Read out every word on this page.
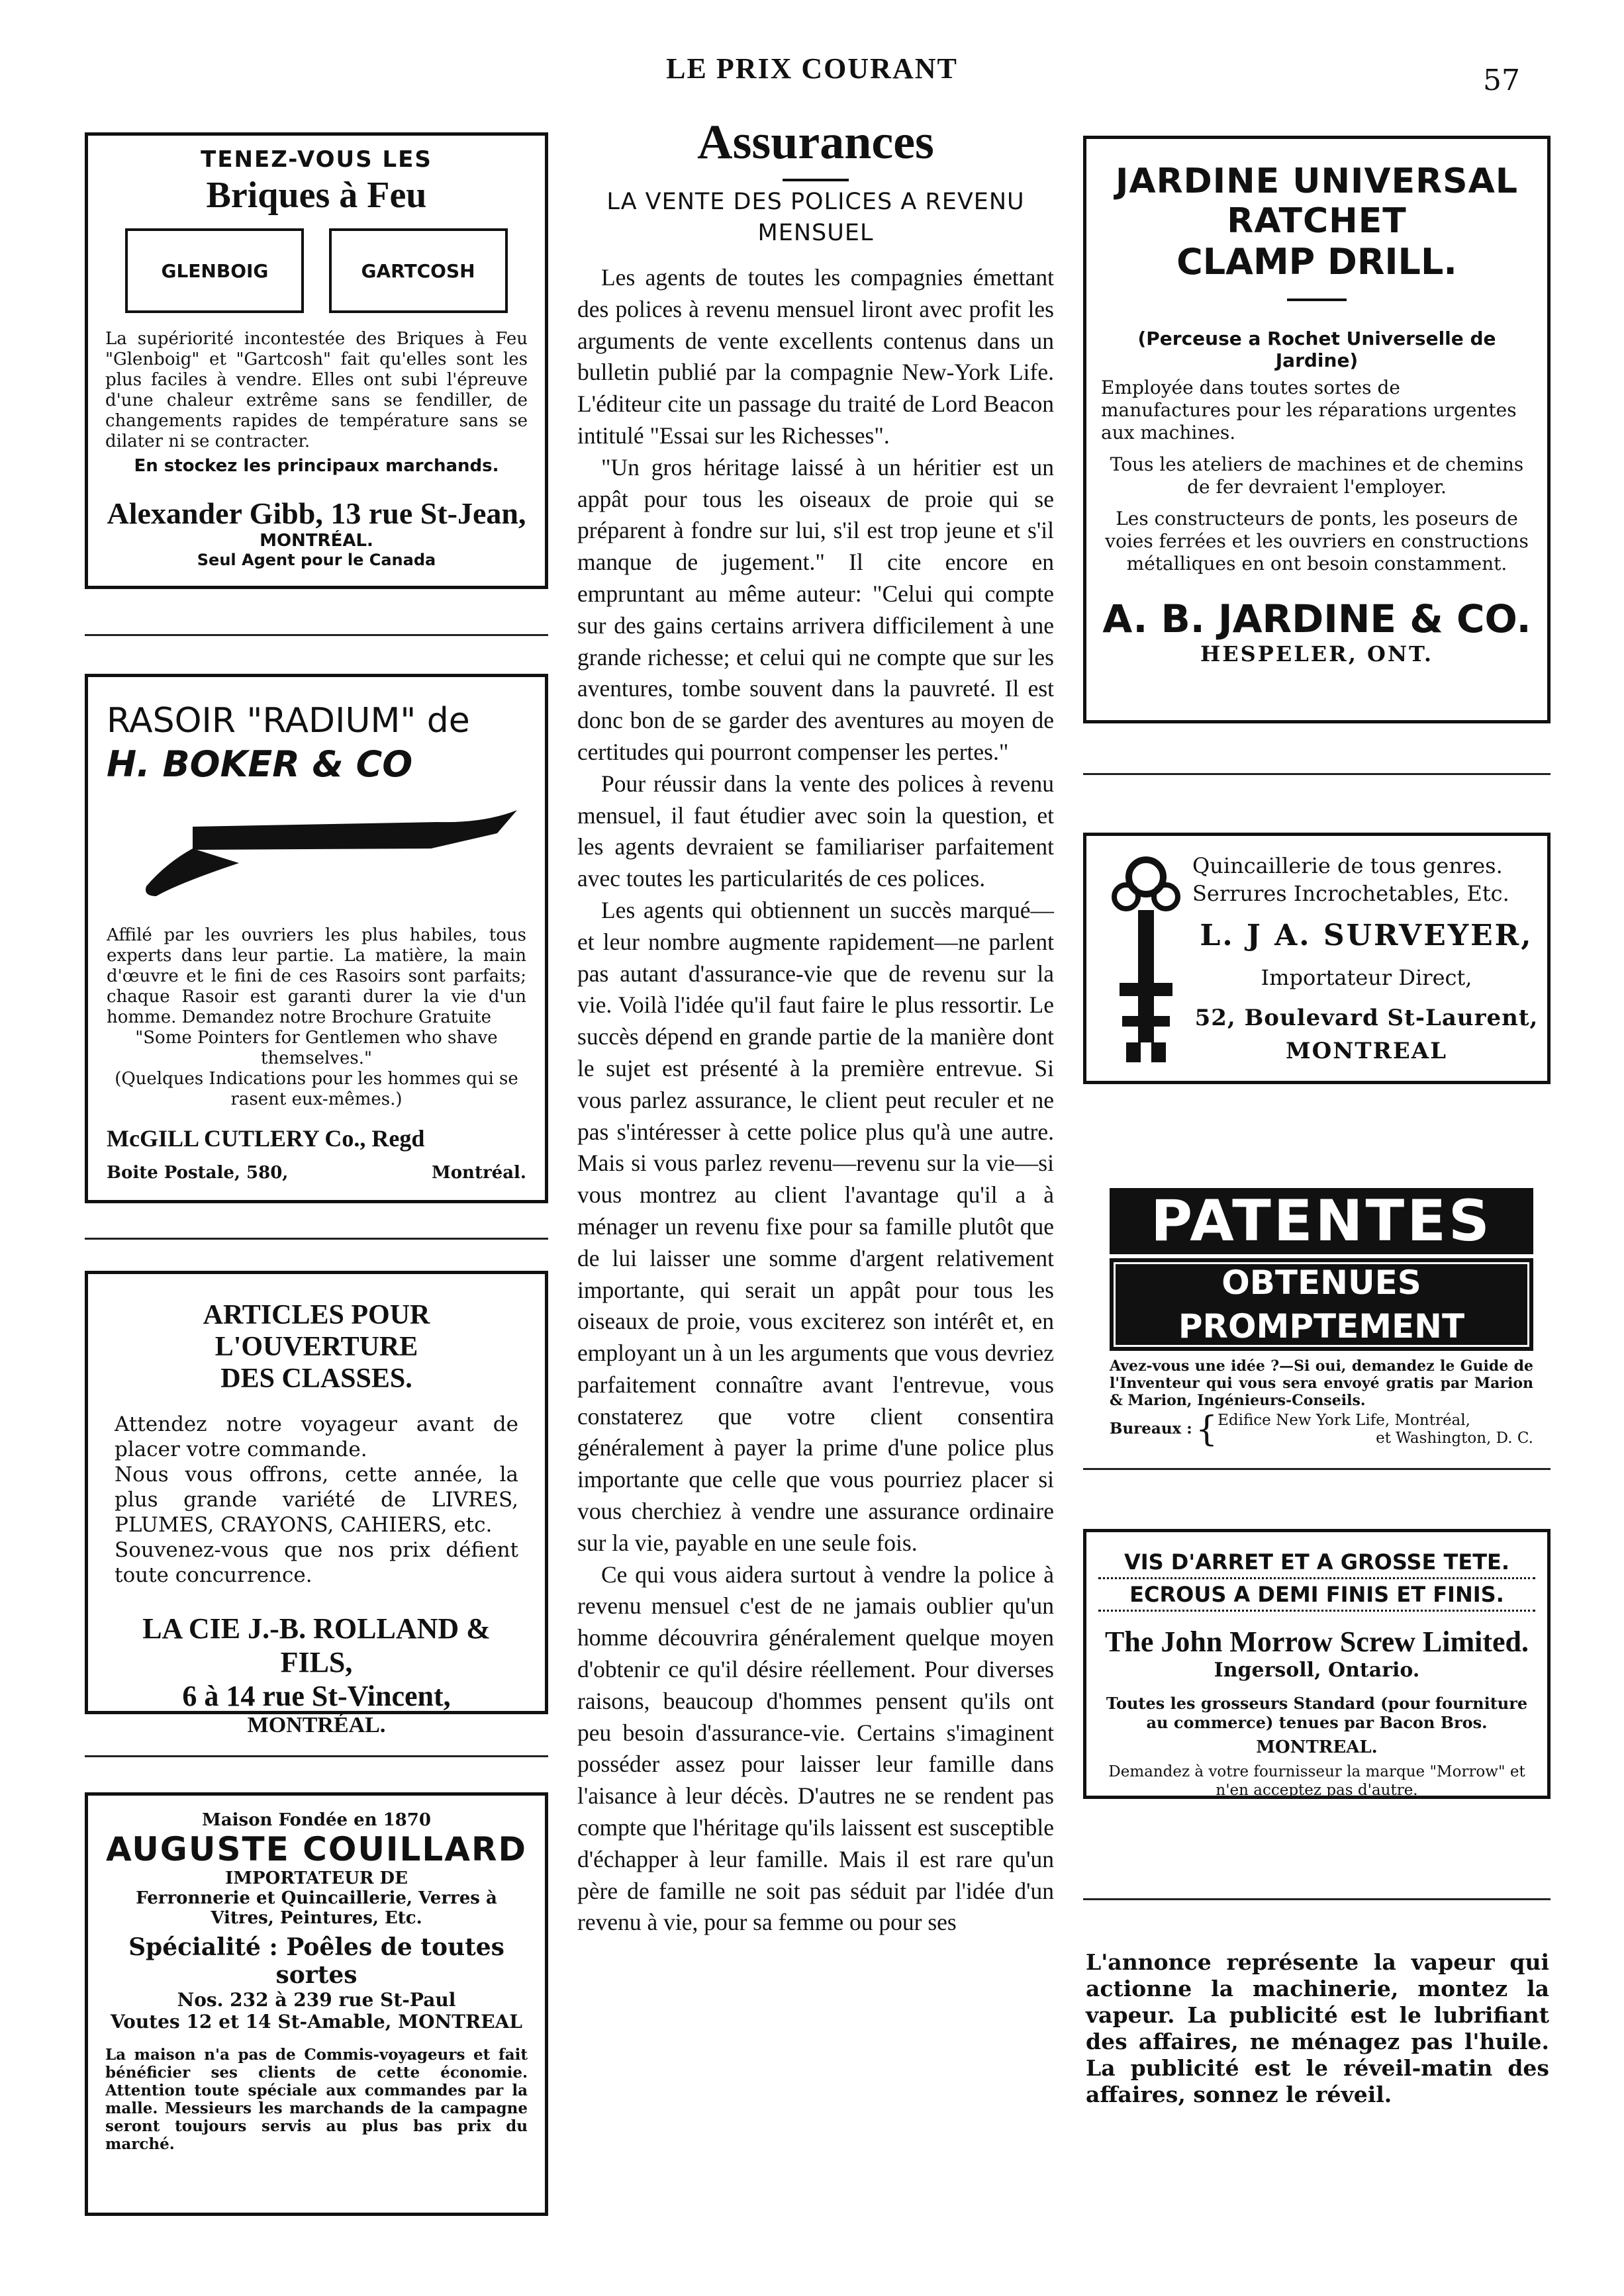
LE PRIX COURANT	57
TENEZ-VOUS LES
Briques à Feu
GLENBOIG
	GARTCOSH
La supériorité incontestée des Briques à Feu "Glenboig" et "Gartcosh" fait qu'elles sont les plus faciles à vendre. Elles ont subi l'épreuve d'une chaleur extrême sans se fendiller, de changements rapides de température sans se dilater ni se contracter.
En stockez les principaux marchands.
Alexander Gibb, 13 rue St-Jean,
MONTRÉAL.
Seul Agent pour le Canada
RASOIR "RADIUM" de
H. BOKER & CO
Affilé par les ouvriers les plus habiles, tous experts dans leur partie. La matière, la main d'œuvre et le fini de ces Rasoirs sont parfaits; chaque Rasoir est garanti durer la vie d'un homme. Demandez notre Brochure Gratuite
"Some Pointers for Gentlemen who shave themselves."
(Quelques Indications pour les hommes qui se rasent eux-mêmes.)
McGILL CUTLERY Co., Regd
Boite Postale, 580,	Montréal.
ARTICLES POUR L'OUVERTURE
DES CLASSES.
Attendez notre voyageur avant de placer votre commande.
Nous vous offrons, cette année, la plus grande variété de LIVRES, PLUMES, CRAYONS, CAHIERS, etc.
Souvenez-vous que nos prix défient toute concurrence.
LA CIE J.-B. ROLLAND & FILS,
6 à 14 rue St-Vincent,
MONTRÉAL.
Maison Fondée en 1870
AUGUSTE COUILLARD
IMPORTATEUR DE
Ferronnerie et Quincaillerie, Verres à Vitres, Peintures, Etc.
Spécialité : Poêles de toutes sortes
Nos. 232 à 239 rue St-Paul
Voutes 12 et 14 St-Amable, MONTREAL
La maison n'a pas de Commis-voyageurs et fait bénéficier ses clients de cette économie. Attention toute spéciale aux commandes par la malle. Messieurs les marchands de la campagne seront toujours servis au plus bas prix du marché.
Assurances
LA VENTE DES POLICES A REVENU MENSUEL

Les agents de toutes les compagnies émettant des polices à revenu mensuel liront avec profit les arguments de vente excellents contenus dans un bulletin publié par la compagnie New-York Life. L'éditeur cite un passage du traité de Lord Beacon intitulé "Essai sur les Richesses".

"Un gros héritage laissé à un héritier est un appât pour tous les oiseaux de proie qui se préparent à fondre sur lui, s'il est trop jeune et s'il manque de jugement." Il cite encore en empruntant au même auteur: "Celui qui compte sur des gains certains arrivera difficilement à une grande richesse; et celui qui ne compte que sur les aventures, tombe souvent dans la pauvreté. Il est donc bon de se garder des aventures au moyen de certitudes qui pourront compenser les pertes."

Pour réussir dans la vente des polices à revenu mensuel, il faut étudier avec soin la question, et les agents devraient se familiariser parfaitement avec toutes les particularités de ces polices.

Les agents qui obtiennent un succès marqué—et leur nombre augmente rapidement—ne parlent pas autant d'assurance-vie que de revenu sur la vie. Voilà l'idée qu'il faut faire le plus ressortir. Le succès dépend en grande partie de la manière dont le sujet est présenté à la première entrevue. Si vous parlez assurance, le client peut reculer et ne pas s'intéresser à cette police plus qu'à une autre. Mais si vous parlez revenu—revenu sur la vie—si vous montrez au client l'avantage qu'il a à ménager un revenu fixe pour sa famille plutôt que de lui laisser une somme d'argent relativement importante, qui serait un appât pour tous les oiseaux de proie, vous exciterez son intérêt et, en employant un à un les arguments que vous devriez parfaitement connaître avant l'entrevue, vous constaterez que votre client consentira généralement à payer la prime d'une police plus importante que celle que vous pourriez placer si vous cherchiez à vendre une assurance ordinaire sur la vie, payable en une seule fois.

Ce qui vous aidera surtout à vendre la police à revenu mensuel c'est de ne jamais oublier qu'un homme découvrira généralement quelque moyen d'obtenir ce qu'il désire réellement. Pour diverses raisons, beaucoup d'hommes pensent qu'ils ont peu besoin d'assurance-vie. Certains s'imaginent posséder assez pour laisser leur famille dans l'aisance à leur décès. D'autres ne se rendent pas compte que l'héritage qu'ils laissent est susceptible d'échapper à leur famille. Mais il est rare qu'un père de famille ne soit pas séduit par l'idée d'un revenu à vie, pour sa femme ou pour ses

JARDINE UNIVERSAL RATCHET
CLAMP DRILL.
(Perceuse a Rochet Universelle de Jardine)
Employée dans toutes sortes de manufactures pour les réparations urgentes aux machines.
Tous les ateliers de machines et de chemins de fer devraient l'employer.
Les constructeurs de ponts, les poseurs de voies ferrées et les ouvriers en constructions métalliques en ont besoin constamment.
A. B. JARDINE & CO.
HESPELER, ONT.
Quincaillerie de tous genres.
Serrures Incrochetables, Etc.
L. J A. SURVEYER,
Importateur Direct,
52, Boulevard St-Laurent,
MONTREAL
PATENTES
OBTENUES PROMPTEMENT
Avez-vous une idée ?—Si oui, demandez le Guide de l'Inventeur qui vous sera envoyé gratis par Marion & Marion, Ingénieurs-Conseils.
Bureaux : { Edifice New York Life, Montréal,
et Washington, D. C.
VIS D'ARRET ET A GROSSE TETE.
ECROUS A DEMI FINIS ET FINIS.
The John Morrow Screw Limited.
Ingersoll, Ontario.
Toutes les grosseurs Standard (pour fourniture au commerce) tenues par Bacon Bros.
MONTREAL.
Demandez à votre fournisseur la marque "Morrow" et n'en acceptez pas d'autre.
L'annonce représente la vapeur qui actionne la machinerie, montez la vapeur. La publicité est le lubrifiant des affaires, ne ménagez pas l'huile. La publicité est le réveil-matin des affaires, sonnez le réveil.
